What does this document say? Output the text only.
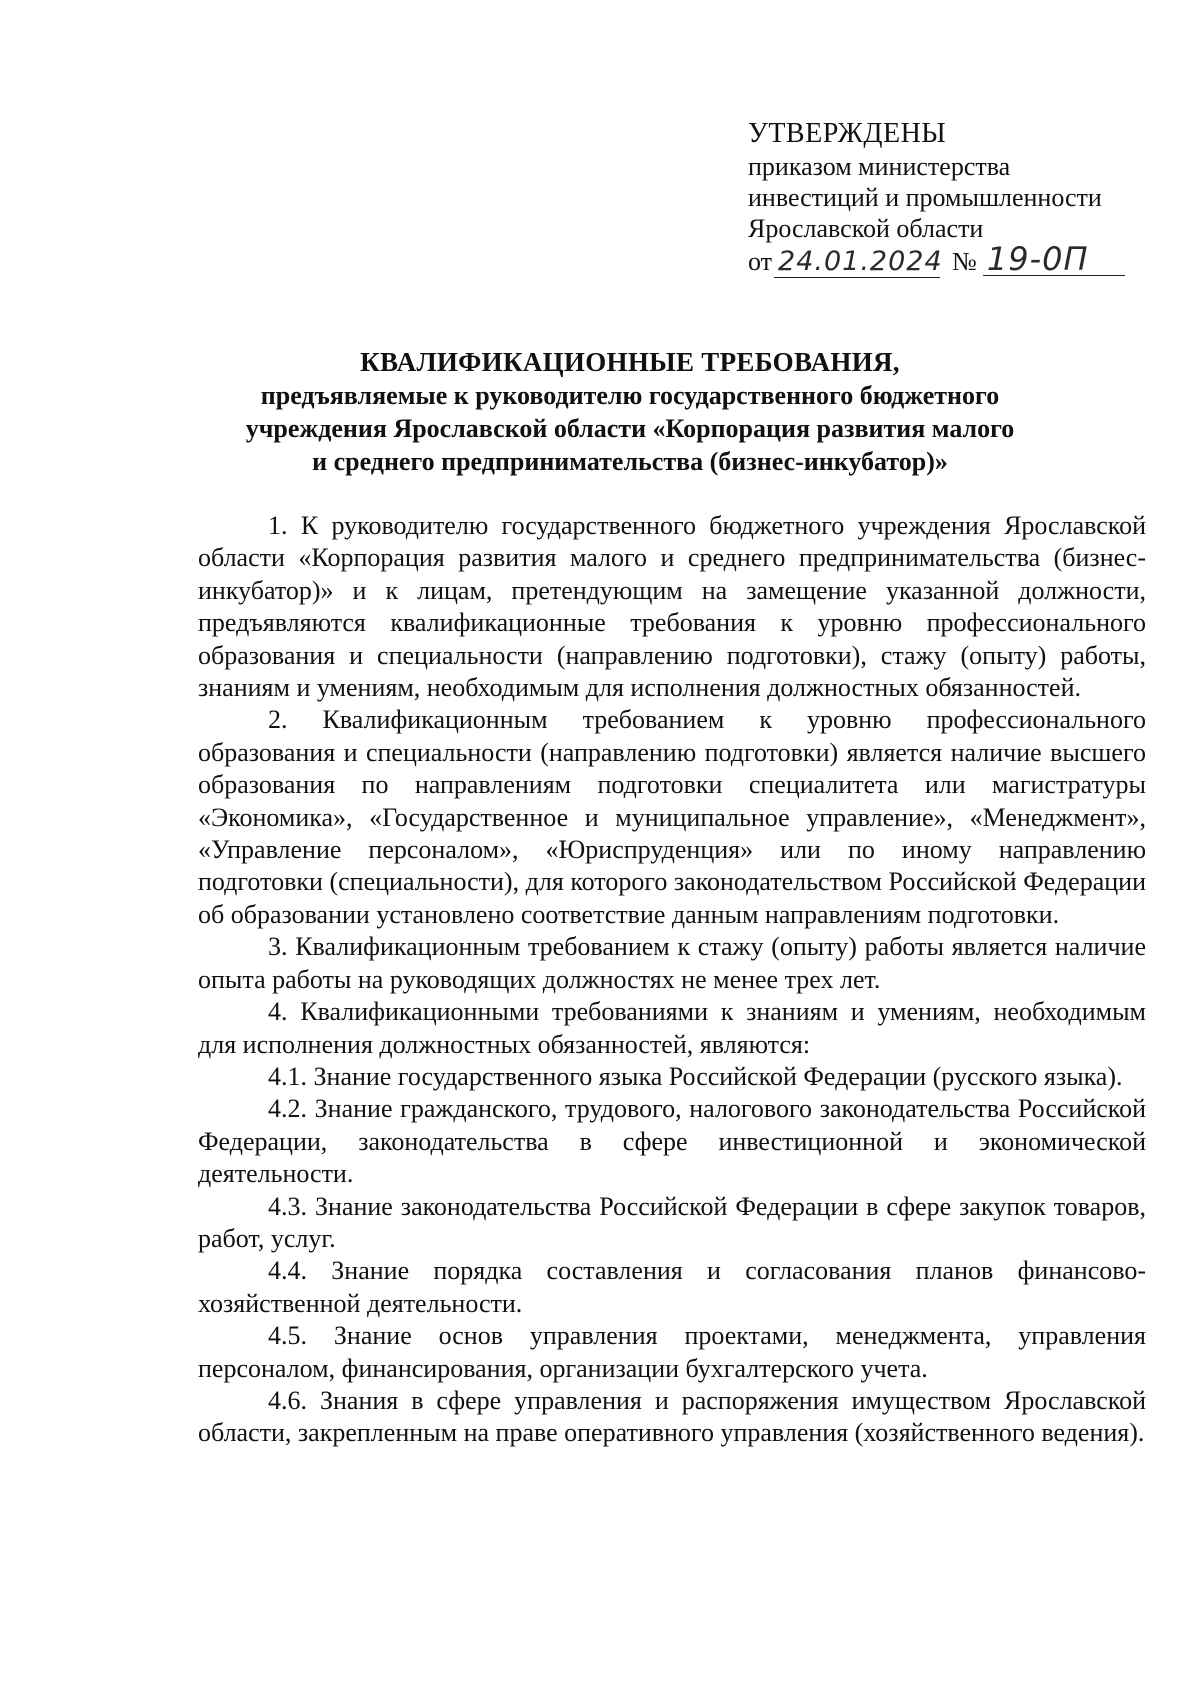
УТВЕРЖДЕНЫ
приказом министерства
инвестиций и промышленности
Ярославской области
от 24.01.2024 № 19-0П
КВАЛИФИКАЦИОННЫЕ ТРЕБОВАНИЯ,
предъявляемые к руководителю государственного бюджетного
учреждения Ярославской области «Корпорация развития малого
и среднего предпринимательства (бизнес-инкубатор)»

1. К руководителю государственного бюджетного учреждения Ярославской области «Корпорация развития малого и среднего предпринимательства (бизнес-инкубатор)» и к лицам, претендующим на замещение указанной должности, предъявляются квалификационные требования к уровню профессионального образования и специальности (направлению подготовки), стажу (опыту) работы, знаниям и умениям, необходимым для исполнения должностных обязанностей.

2. Квалификационным требованием к уровню профессионального образования и специальности (направлению подготовки) является наличие высшего образования по направлениям подготовки специалитета или магистратуры «Экономика», «Государственное и муниципальное управление», «Менеджмент», «Управление персоналом», «Юриспруденция» или по иному направлению подготовки (специальности), для которого законодательством Российской Федерации об образовании установлено соответствие данным направлениям подготовки.

3. Квалификационным требованием к стажу (опыту) работы является наличие опыта работы на руководящих должностях не менее трех лет.

4. Квалификационными требованиями к знаниям и умениям, необходимым для исполнения должностных обязанностей, являются:

4.1. Знание государственного языка Российской Федерации (русского языка).

4.2. Знание гражданского, трудового, налогового законодательства Российской Федерации, законодательства в сфере инвестиционной и экономической деятельности.

4.3. Знание законодательства Российской Федерации в сфере закупок товаров, работ, услуг.

4.4. Знание порядка составления и согласования планов финансово-хозяйственной деятельности.

4.5. Знание основ управления проектами, менеджмента, управления персоналом, финансирования, организации бухгалтерского учета.

4.6. Знания в сфере управления и распоряжения имуществом Ярославской области, закрепленным на праве оперативного управления (хозяйственного ведения).
